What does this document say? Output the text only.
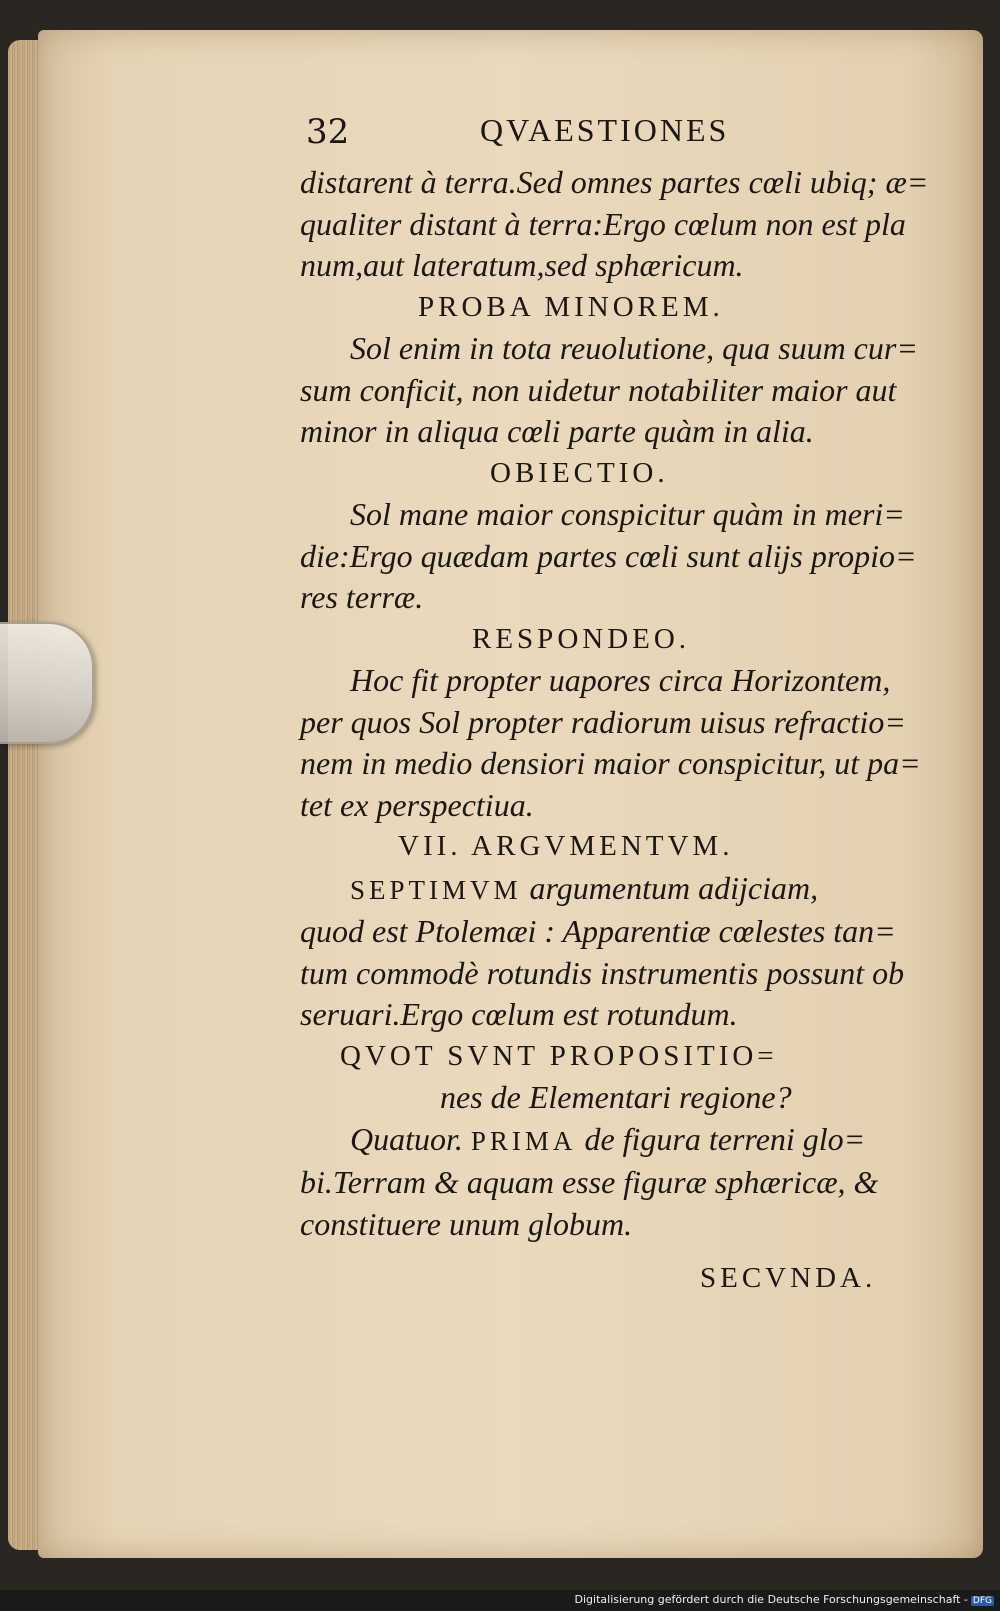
32	QVAESTIONES
distarent à terra.Sed omnes partes cœli ubiq; æ=
qualiter distant à terra:Ergo cœlum non est pla
num,aut lateratum,sed sphæricum.
PROBA MINOREM.
Sol enim in tota reuolutione, qua suum cur=
sum conficit, non uidetur notabiliter maior aut
minor in aliqua cœli parte quàm in alia.
OBIECTIO.
Sol mane maior conspicitur quàm in meri=
die:Ergo quædam partes cœli sunt alijs propio=
res terræ.
RESPONDEO.
Hoc fit propter uapores circa Horizontem,
per quos Sol propter radiorum uisus refractio=
nem in medio densiori maior conspicitur, ut pa=
tet ex perspectiua.
VII. ARGVMENTVM.
SEPTIMVM argumentum adijciam,
quod est Ptolemæi : Apparentiæ cœlestes tan=
tum commodè rotundis instrumentis possunt ob
seruari.Ergo cœlum est rotundum.
QVOT SVNT PROPOSITIO=
nes de Elementari regione?
Quatuor. PRIMA de figura terreni glo=
bi.Terram & aquam esse figuræ sphæricæ, &
constituere unum globum.
SECVNDA.
Digitalisierung gefördert durch die Deutsche Forschungsgemeinschaft - DFG
